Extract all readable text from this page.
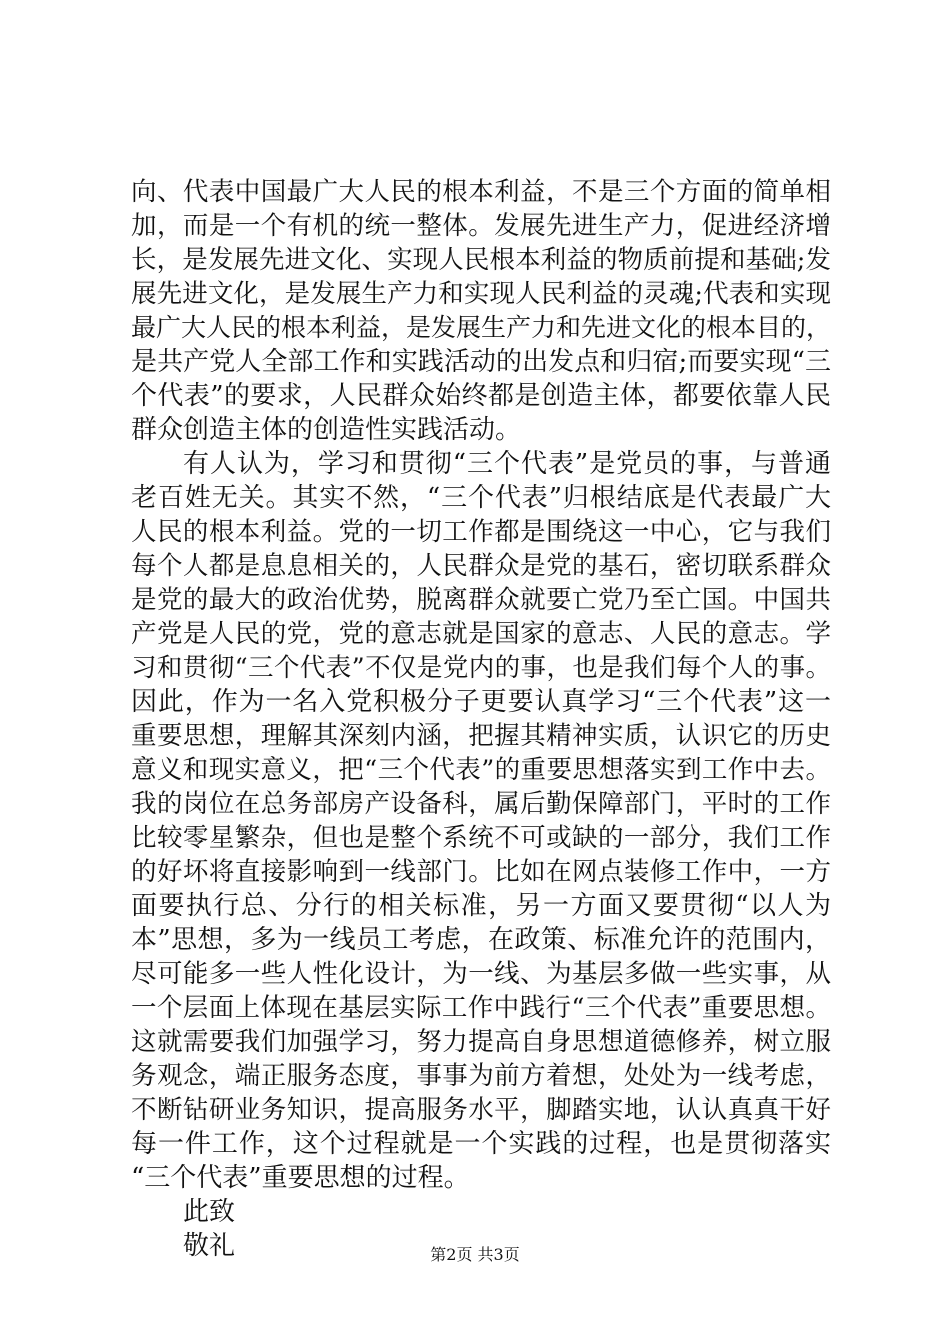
向、代表中国最广大人民的根本利益，不是三个方面的简单相
加，而是一个有机的统一整体。发展先进生产力，促进经济增
长，是发展先进文化、实现人民根本利益的物质前提和基础;发
展先进文化，是发展生产力和实现人民利益的灵魂;代表和实现
最广大人民的根本利益，是发展生产力和先进文化的根本目的，
是共产党人全部工作和实践活动的出发点和归宿;而要实现“三
个代表”的要求，人民群众始终都是创造主体，都要依靠人民
群众创造主体的创造性实践活动。
有人认为，学习和贯彻“三个代表”是党员的事，与普通
老百姓无关。其实不然，“三个代表”归根结底是代表最广大
人民的根本利益。党的一切工作都是围绕这一中心，它与我们
每个人都是息息相关的，人民群众是党的基石，密切联系群众
是党的最大的政治优势，脱离群众就要亡党乃至亡国。中国共
产党是人民的党，党的意志就是国家的意志、人民的意志。学
习和贯彻“三个代表”不仅是党内的事，也是我们每个人的事。
因此，作为一名入党积极分子更要认真学习“三个代表”这一
重要思想，理解其深刻内涵，把握其精神实质，认识它的历史
意义和现实意义，把“三个代表”的重要思想落实到工作中去。
我的岗位在总务部房产设备科，属后勤保障部门，平时的工作
比较零星繁杂，但也是整个系统不可或缺的一部分，我们工作
的好坏将直接影响到一线部门。比如在网点装修工作中，一方
面要执行总、分行的相关标准，另一方面又要贯彻“以人为
本”思想，多为一线员工考虑，在政策、标准允许的范围内，
尽可能多一些人性化设计，为一线、为基层多做一些实事，从
一个层面上体现在基层实际工作中践行“三个代表”重要思想。
这就需要我们加强学习，努力提高自身思想道德修养，树立服
务观念，端正服务态度，事事为前方着想，处处为一线考虑，
不断钻研业务知识，提高服务水平，脚踏实地，认认真真干好
每一件工作，这个过程就是一个实践的过程，也是贯彻落实
“三个代表”重要思想的过程。
此致
敬礼	第2页 共3页
